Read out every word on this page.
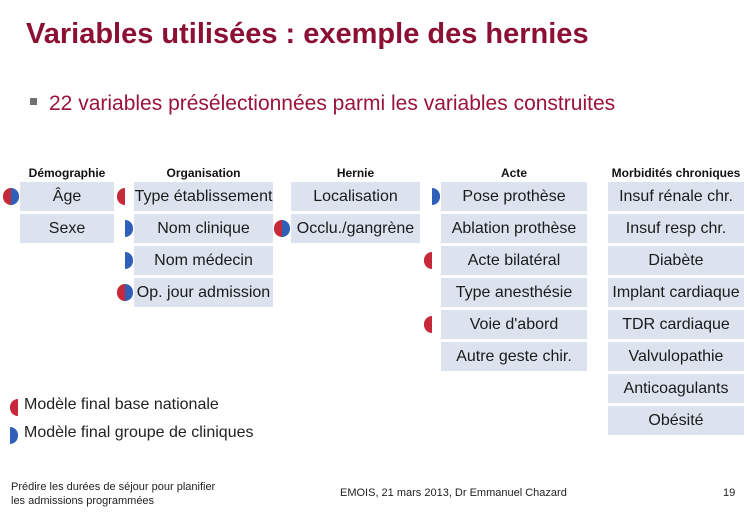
Variables utilisées : exemple des hernies
22 variables présélectionnées parmi les variables construites
Démographie
Âge
Sexe
Organisation
Type établissement
Nom clinique
Nom médecin
Op. jour admission
Hernie
Localisation
Occlu./gangrène
Acte
Pose prothèse
Ablation prothèse
Acte bilatéral
Type anesthésie
Voie d'abord
Autre geste chir.
Morbidités chroniques
Insuf rénale chr.
Insuf resp chr.
Diabète
Implant cardiaque
TDR cardiaque
Valvulopathie
Anticoagulants
Obésité
Modèle final base nationale
Modèle final groupe de cliniques
Prédire les durées de séjour pour planifier
les admissions programmées
EMOIS, 21 mars 2013, Dr Emmanuel Chazard	19
